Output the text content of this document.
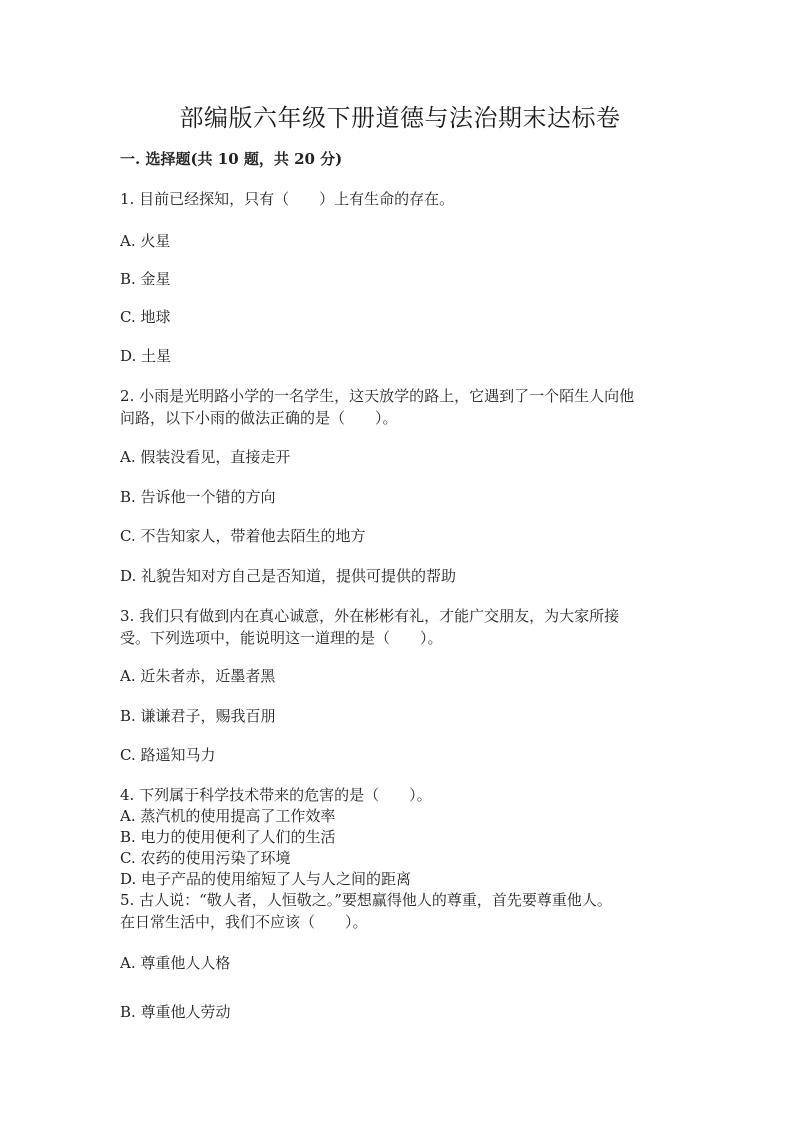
部编版六年级下册道德与法治期末达标卷
一. 选择题(共 10 题，共 20 分)
1. 目前已经探知，只有（　　）上有生命的存在。
A. 火星
B. 金星
C. 地球
D. 土星
2. 小雨是光明路小学的一名学生，这天放学的路上，它遇到了一个陌生人向他
问路，以下小雨的做法正确的是（　　）。
A. 假装没看见，直接走开
B. 告诉他一个错的方向
C. 不告知家人，带着他去陌生的地方
D. 礼貌告知对方自己是否知道，提供可提供的帮助
3. 我们只有做到内在真心诚意，外在彬彬有礼，才能广交朋友，为大家所接
受。下列选项中，能说明这一道理的是（　　）。
A. 近朱者赤，近墨者黑
B. 谦谦君子，赐我百朋
C. 路遥知马力
4. 下列属于科学技术带来的危害的是（　　）。
A. 蒸汽机的使用提高了工作效率
B. 电力的使用便利了人们的生活
C. 农药的使用污染了环境
D. 电子产品的使用缩短了人与人之间的距离
5. 古人说：“敬人者，人恒敬之。”要想赢得他人的尊重，首先要尊重他人。
在日常生活中，我们不应该（　　）。
A. 尊重他人人格
B. 尊重他人劳动
